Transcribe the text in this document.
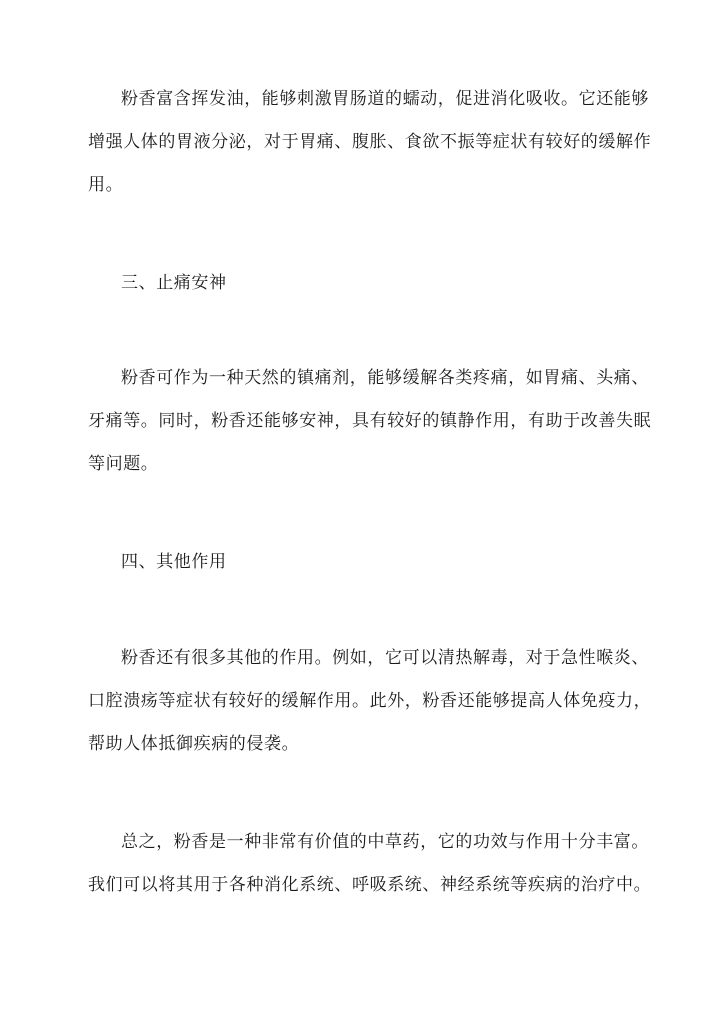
粉香富含挥发油，能够刺激胃肠道的蠕动，促进消化吸收。它还能够
增强人体的胃液分泌，对于胃痛、腹胀、食欲不振等症状有较好的缓解作
用。
三、止痛安神
粉香可作为一种天然的镇痛剂，能够缓解各类疼痛，如胃痛、头痛、
牙痛等。同时，粉香还能够安神，具有较好的镇静作用，有助于改善失眠
等问题。
四、其他作用
粉香还有很多其他的作用。例如，它可以清热解毒，对于急性喉炎、
口腔溃疡等症状有较好的缓解作用。此外，粉香还能够提高人体免疫力，
帮助人体抵御疾病的侵袭。
总之，粉香是一种非常有价值的中草药，它的功效与作用十分丰富。
我们可以将其用于各种消化系统、呼吸系统、神经系统等疾病的治疗中。
